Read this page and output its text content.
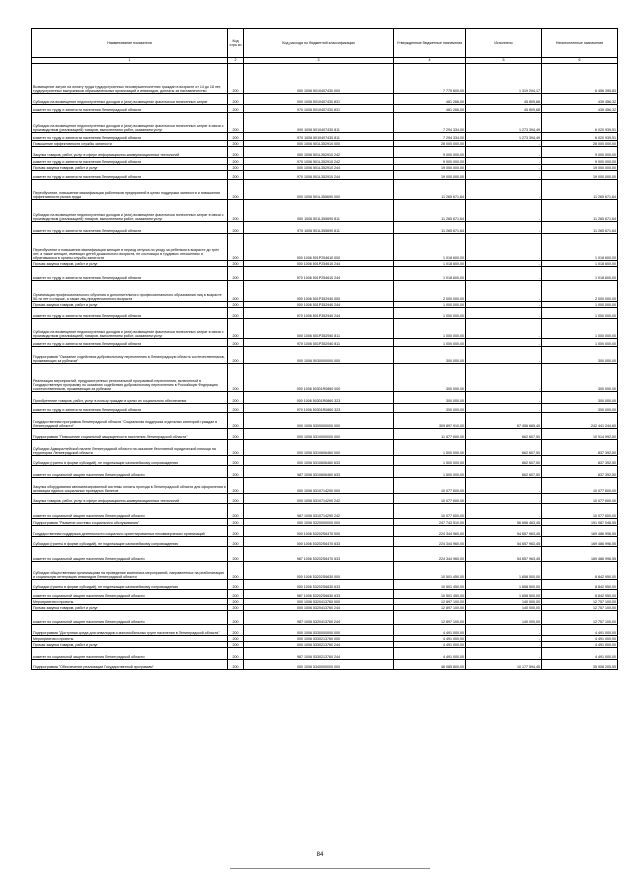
Наименование показателя	Код стро ки	Код расхода по бюджетной классификации	Утвержденные бюджетные назначения	Исполнено	Неисполненные назначения
1	2	3	4	5	6
Возмещение затрат на оплату труда трудоустроенных несовершеннолетних граждан в возрасте от 14 до 18 лет, трудоустроенных выпускников образовательных организаций и инвалидов, доплаты за наставничество	200	000 1006 5010407430 000	7 775 600,00	1 319 204,17	6 456 395,83
Субсидии на возмещение недополученных доходов и (или) возмещение фактически понесенных затрат	200	000 1006 5010407430 831	481 266,00	45 809,68	435 456,32
комитет по труду и занятости населения Ленинградской области	200	970 1006 5010407430 831	481 266,00	45 809,68	435 456,32
Субсидии на возмещение недополученных доходов и (или) возмещение фактически понесенных затрат в связи с производством (реализацией) товаров, выполнением работ, оказанием услуг	200	000 1006 5010407430 811	7 294 334,00	1 273 394,49	6 020 939,51
комитет по труду и занятости населения Ленинградской области	200	970 1006 5010407430 811	7 294 334,00	1 273 394,49	6 020 939,51
Повышение эффективности службы занятости	200	000 1006 501L352910 000	28 000 000,00	-	28 000 000,00
Закупка товаров, работ, услуг в сфере информационно-коммуникационных технологий	200	000 1006 501L352910 242	9 000 000,00	-	9 000 000,00
комитет по труду и занятости населения Ленинградской области	200	970 1006 501L352910 242	9 000 000,00	-	9 000 000,00
Прочая закупка товаров, работ и услуг	200	000 1006 501L352910 244	19 000 000,00	-	19 000 000,00
комитет по труду и занятости населения Ленинградской области	200	970 1006 501L352910 244	19 000 000,00	-	19 000 000,00
Переобучение, повышение квалификации работников предприятий в целях поддержки занятости и повышения эффективности рынка труда	200	000 1006 501L355690 000	11 265 671,64	-	11 265 671,64
Субсидии на возмещение недополученных доходов и (или) возмещение фактически понесенных затрат в связи с производством (реализацией) товаров, выполнением работ, оказанием услуг	200	000 1006 501L355690 811	11 265 671,64	-	11 265 671,64
комитет по труду и занятости населения Ленинградской области	200	970 1006 501L355690 811	11 265 671,64	-	11 265 671,64
Переобучение и повышение квалификации женщин в период отпуска по уходу за ребенком в возрасте до трех лет, а также женщин, имеющих детей дошкольного возраста, не состоящих в трудовых отношениях и обратившихся в органы службы занятости	200	000 1006 501P254610 000	1 018 600,00	-	1 018 600,00
Прочая закупка товаров, работ и услуг	200	000 1006 501P254610 244	1 018 600,00	-	1 018 600,00
комитет по труду и занятости населения Ленинградской области	200	970 1006 501P254610 244	1 018 600,00	-	1 018 600,00
Организация профессионального обучения и дополнительного профессионального образования лиц в возрасте 50-ти лет и старше, а также лиц предпенсионного возраста	200	000 1006 501P352940 000	2 000 000,00	-	2 000 000,00
Прочая закупка товаров, работ и услуг	200	000 1006 501P352940 244	1 000 000,00	-	1 000 000,00
комитет по труду и занятости населения Ленинградской области	200	970 1006 501P352940 244	1 000 000,00	-	1 000 000,00
Субсидии на возмещение недополученных доходов и (или) возмещение фактически понесенных затрат в связи с производством (реализацией) товаров, выполнением работ, оказанием услуг	200	000 1006 501P352940 811	1 000 000,00	-	1 000 000,00
комитет по труду и занятости населения Ленинградской области	200	970 1006 501P352940 811	1 000 000,00	-	1 000 000,00
Подпрограмма "Оказание содействия добровольному переселению в Ленинградскую область соотечественников, проживающих за рубежом"	200	000 1006 5030000000 000	300 000,00	-	300 000,00
Реализация мероприятий, предусмотренных региональной программой переселения, включенной в Государственную программу по оказанию содействия добровольному переселению в Российскую Федерацию соотечественников, проживающих за рубежом	200	000 1006 50301R0860 000	300 000,00	-	300 000,00
Приобретение товаров, работ, услуг в пользу граждан в целях их социального обеспечения	200	000 1006 50301R0860 323	300 000,00	-	300 000,00
комитет по труду и занятости населения Ленинградской области	200	970 1006 50301R0860 323	300 000,00	-	300 000,00
Государственная программа Ленинградской области "Социальная поддержка отдельных категорий граждан в Ленинградской области"	200	000 1006 5300000000 000	309 897 910,00	67 456 665,40	242 441 244,60
Подпрограмма "Повышение социальной защищенности населения Ленинградской области"	200	000 1006 5310000000 000	11 577 600,00	662 607,50	10 914 992,50
Субсидии Адмиралтейской палате Ленинградской области на оказание бесплатной юридической помощи на территории Ленинградской области	200	000 1006 5310606460 000	1 500 000,00	662 607,50	837 392,50
Субсидии (гранты в форме субсидий), не подлежащие казначейскому сопровождению	200	000 1006 5310606460 633	1 500 000,00	662 607,50	837 392,50
комитет по социальной защите населения Ленинградской области	200	987 1006 5310606460 633	1 500 000,00	662 607,50	837 392,50
Закупка оборудования автоматизированной системы оплаты проезда в Ленинградской области для оформления и активации единых социальных проездных билетов	200	000 1006 5310714290 000	10 077 600,00	-	10 077 600,00
Закупка товаров, работ, услуг в сфере информационно-коммуникационных технологий	200	000 1006 5310714290 242	10 077 600,00	-	10 077 600,00
комитет по социальной защите населения Ленинградской области	200	987 1006 5310714290 242	10 077 600,00	-	10 077 600,00
Подпрограмма "Развитие системы социального обслуживания"	200	000 1006 5320000000 000	247 743 510,00	56 656 463,45	191 087 046,55
Государственная поддержка деятельности социально ориентированных некоммерческих организаций	200	000 1006 53202S6470 000	224 344 960,00	54 657 963,45	169 486 996,55
Субсидии (гранты в форме субсидий), не подлежащие казначейскому сопровождению	200	000 1006 53202S6470 633	224 344 960,00	54 657 963,45	169 486 996,55
комитет по социальной защите населения Ленинградской области	200	987 1006 53202S6470 633	224 344 960,00	54 657 963,45	169 486 996,55
Субсидии общественным организациям на проведение комплекса мероприятий, направленных на реабилитацию и социальную интеграцию инвалидов Ленинградской области	200	000 1006 53202S6630 000	10 501 450,00	1 658 500,00	8 842 950,00
Субсидии (гранты в форме субсидий), не подлежащие казначейскому сопровождению	200	000 1006 53202S6630 633	10 501 450,00	1 658 500,00	8 842 950,00
комитет по социальной защите населения Ленинградской области	200	987 1006 53202S6630 633	10 501 450,00	1 658 500,00	8 842 950,00
Мероприятия и проекты	200	000 1006 5320413760 000	12 897 100,00	140 000,00	12 757 100,00
Прочая закупка товаров, работ и услуг	200	000 1006 5320413760 244	12 897 100,00	140 000,00	12 757 100,00
комитет по социальной защите населения Ленинградской области	200	987 1006 5320413760 244	12 897 100,00	140 000,00	12 757 100,00
Подпрограмма "Доступная среда для инвалидов и маломобильных групп населения в Ленинградской области"	200	000 1006 5330000000 000	4 491 000,00	-	4 491 000,00
Мероприятия и проекты	200	000 1006 5330213760 000	4 491 000,00	-	4 491 000,00
Прочая закупка товаров, работ и услуг	200	000 1006 5330213760 244	4 491 000,00	-	4 491 000,00
комитет по социальной защите населения Ленинградской области	200	987 1006 5330213760 244	4 491 000,00	-	4 491 000,00
Подпрограмма "Обеспечение реализации Государственной программы"	200	000 1006 5340000000 000	46 085 800,00	10 177 594,45	35 908 205,55
84
